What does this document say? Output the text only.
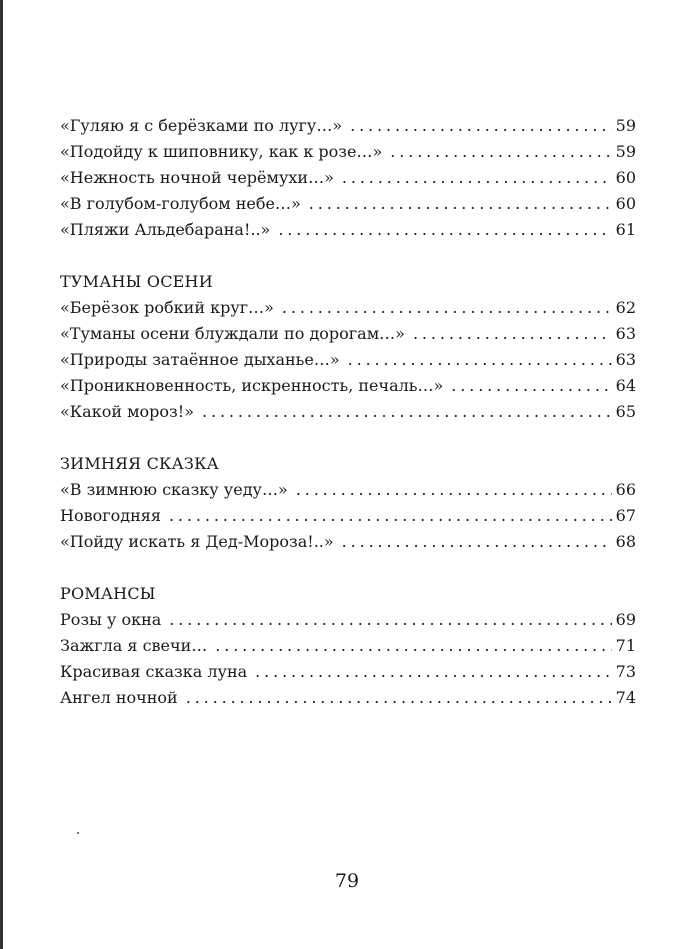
«Гуляю я с берёзками по лугу…» . . .	59
«Подойду к шиповнику, как к розе…» . . .	59
«Нежность ночной черёмухи…» . . .	60
«В голубом-голубом небе…» . . .	60
«Пляжи Альдебарана!..» . . .	61
ТУМАНЫ ОСЕНИ
«Берёзок робкий круг…» . . .	62
«Туманы осени блуждали по дорогам…» . . .	63
«Природы затаённое дыханье…» . . .	63
«Проникновенность, искренность, печаль…» . . .	64
«Какой мороз!» . . .	65
ЗИМНЯЯ СКАЗКА
«В зимнюю сказку уеду…» . . .	66
Новогодняя . . .	67
«Пойду искать я Дед-Мороза!..» . . .	68
РОМАНСЫ
Розы у окна . . .	69
Зажгла я свечи… . . .	71
Красивая сказка луна . . .	73
Ангел ночной . . .	74
79
